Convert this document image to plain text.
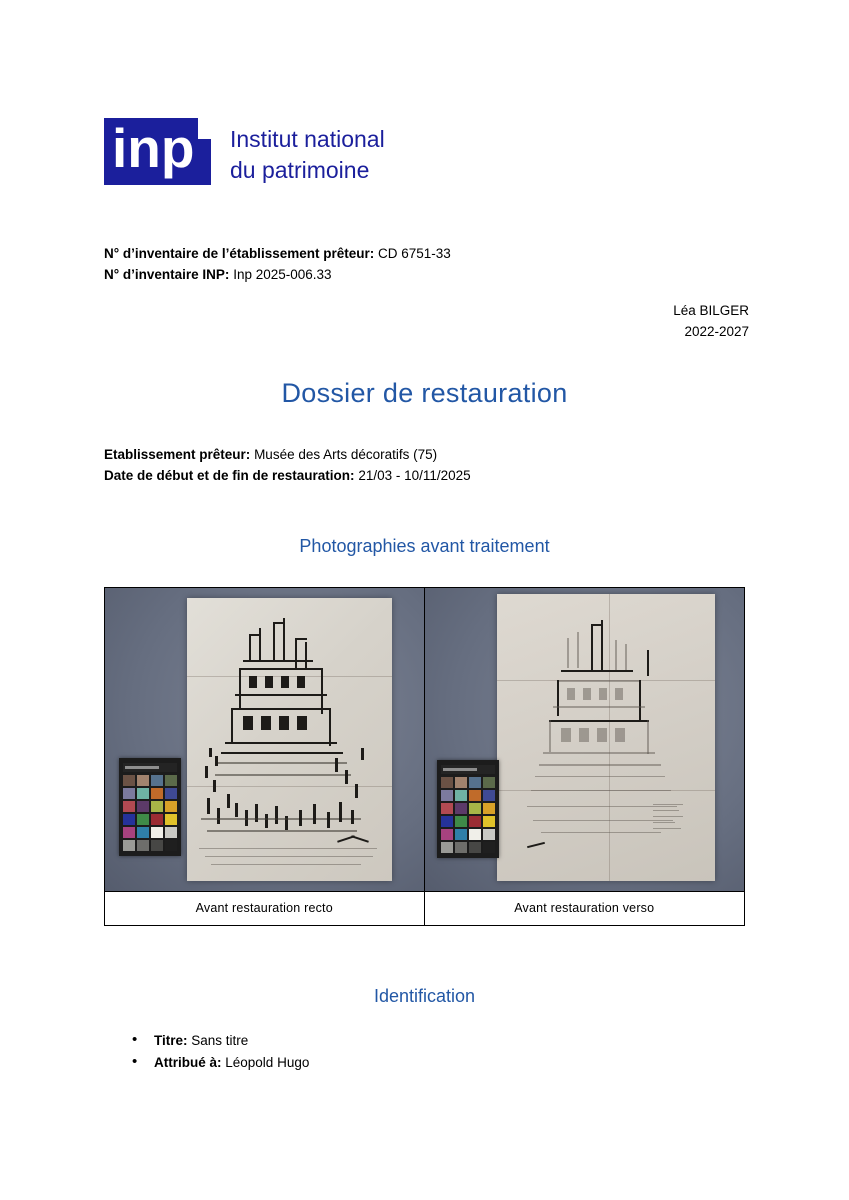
inp Institut national
du patrimoine
N° d’inventaire de l’établissement prêteur: CD 6751-33
N° d’inventaire INP: Inp 2025-006.33
Léa BILGER
2022-2027
Dossier de restauration
Etablissement prêteur: Musée des Arts décoratifs (75)
Date de début et de fin de restauration: 21/03 - 10/11/2025
Photographies avant traitement
Avant restauration recto	Avant restauration verso
Identification
• Titre: Sans titre
• Attribué à: Léopold Hugo
